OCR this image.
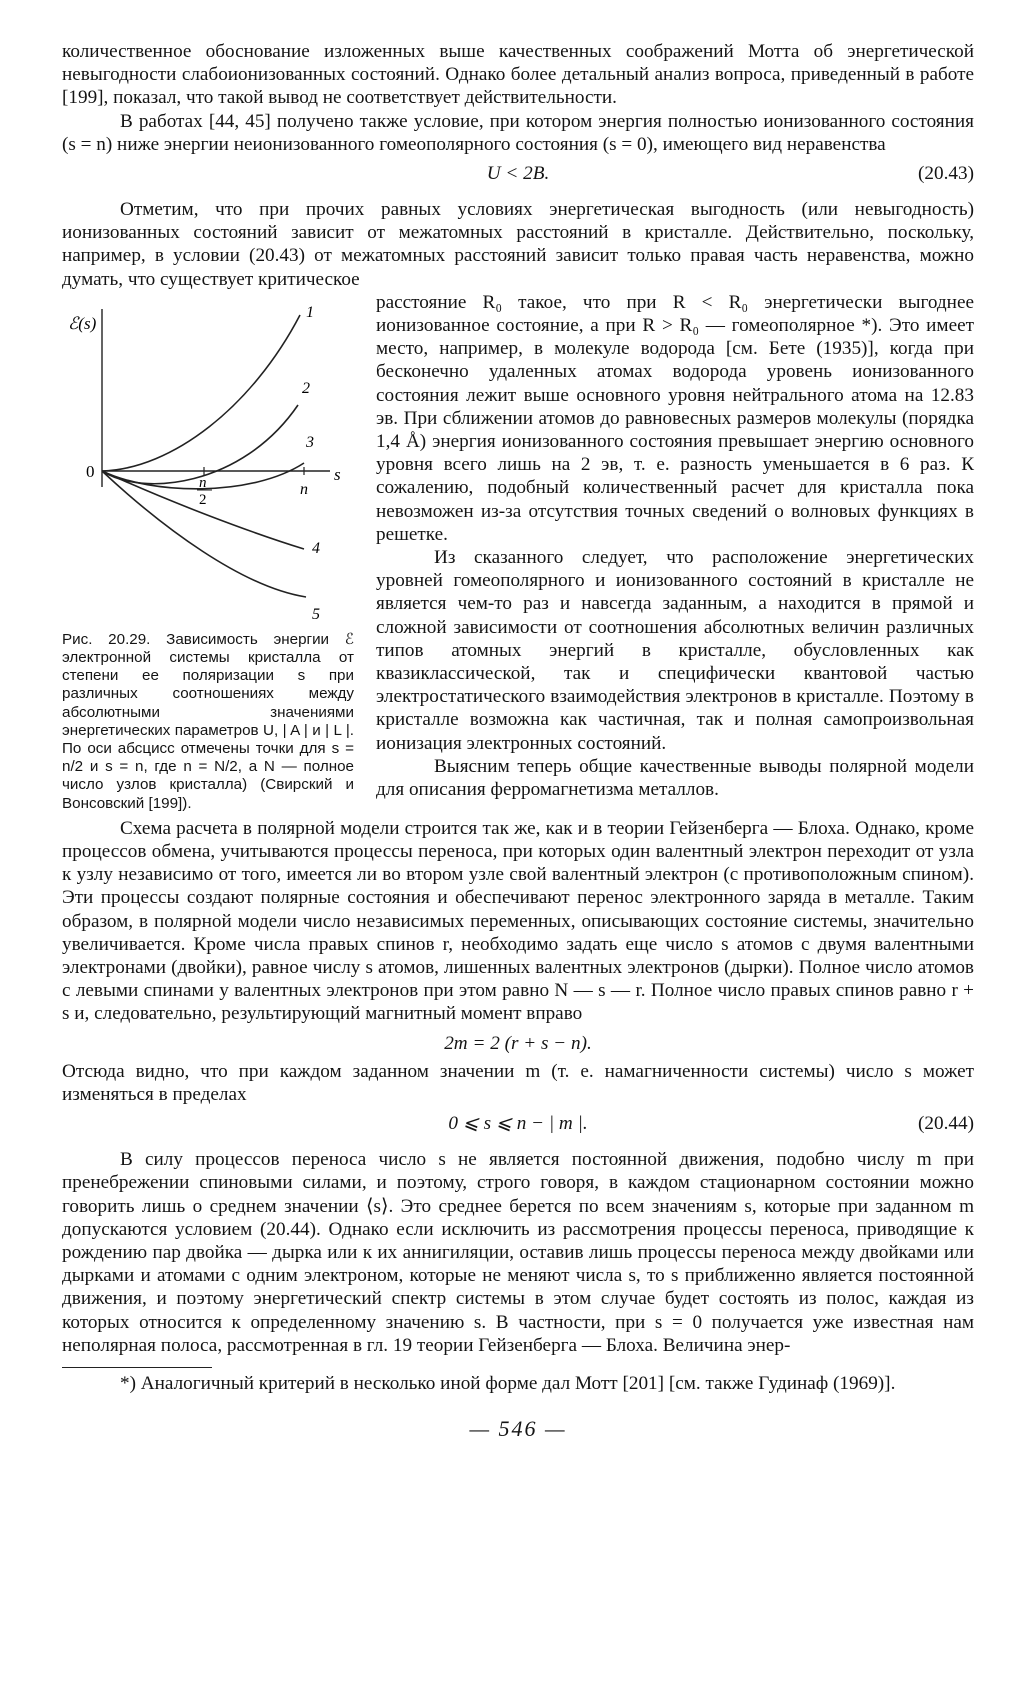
количественное обоснование изложенных выше качественных соображений Мотта об энергетической невыгодности слабоионизованных состояний. Однако более детальный анализ вопроса, приведенный в работе [199], показал, что такой вывод не соответствует действительности.

В работах [44, 45] получено также условие, при котором энергия полностью ионизованного состояния (s = n) ниже энергии неионизованного гомеополярного состояния (s = 0), имеющего вид неравенства

U < 2B.	(20.43)

Отметим, что при прочих равных условиях энергетическая выгодность (или невыгодность) ионизованных состояний зависит от межатомных расстояний в кристалле. Действительно, поскольку, например, в условии (20.43) от межатомных расстояний зависит только правая часть неравенства, можно думать, что существует критическое

ℰ(s)
0	s
n
2
n
1
2
3
4
5

Рис. 20.29. Зависимость энергии ℰ электронной системы кристалла от степени ее поляризации s при различных соотношениях между абсолютными значениями энергетических параметров U, | A | и | L |. По оси абсцисс отмечены точки для s = n/2 и s = n, где n = N/2, а N — полное число узлов кристалла) (Свирский и Вонсовский [199]).

расстояние R₀ такое, что при R < R₀ энергетически выгоднее ионизованное состояние, а при R > R₀ — гомеополярное *). Это имеет место, например, в молекуле водорода [см. Бете (1935)], когда при бесконечно удаленных атомах водорода уровень ионизованного состояния лежит выше основного уровня нейтрального атома на 12.83 эв. При сближении атомов до равновесных размеров молекулы (порядка 1,4 Å) энергия ионизованного состояния превышает энергию основного уровня всего лишь на 2 эв, т. е. разность уменьшается в 6 раз. К сожалению, подобный количественный расчет для кристалла пока невозможен из-за отсутствия точных сведений о волновых функциях в решетке.

Из сказанного следует, что расположение энергетических уровней гомеополярного и ионизованного состояний в кристалле не является чем-то раз и навсегда заданным, а находится в прямой и сложной зависимости от соотношения абсолютных величин различных типов атомных энергий в кристалле, обусловленных как квазиклассической, так и специфически квантовой частью электростатического взаимодействия электронов в кристалле. Поэтому в кристалле возможна как частичная, так и полная самопроизвольная ионизация электронных состояний.

Выясним теперь общие качественные выводы полярной модели для описания ферромагнетизма металлов.

Схема расчета в полярной модели строится так же, как и в теории Гейзенберга — Блоха. Однако, кроме процессов обмена, учитываются процессы переноса, при которых один валентный электрон переходит от узла к узлу независимо от того, имеется ли во втором узле свой валентный электрон (с противоположным спином). Эти процессы создают полярные состояния и обеспечивают перенос электронного заряда в металле. Таким образом, в полярной модели число независимых переменных, описывающих состояние системы, значительно увеличивается. Кроме числа правых спинов r, необходимо задать еще число s атомов с двумя валентными электронами (двойки), равное числу s атомов, лишенных валентных электронов (дырки). Полное число атомов с левыми спинами у валентных электронов при этом равно N — s — r. Полное число правых спинов равно r + s и, следовательно, результирующий магнитный момент вправо

2m = 2 (r + s − n).

Отсюда видно, что при каждом заданном значении m (т. е. намагниченности системы) число s может изменяться в пределах

0 ⩽ s ⩽ n − | m |.	(20.44)

В силу процессов переноса число s не является постоянной движения, подобно числу m при пренебрежении спиновыми силами, и поэтому, строго говоря, в каждом стационарном состоянии можно говорить лишь о среднем значении ⟨s⟩. Это среднее берется по всем значениям s, которые при заданном m допускаются условием (20.44). Однако если исключить из рассмотрения процессы переноса, приводящие к рождению пар двойка — дырка или к их аннигиляции, оставив лишь процессы переноса между двойками или дырками и атомами с одним электроном, которые не меняют числа s, то s приближенно является постоянной движения, и поэтому энергетический спектр системы в этом случае будет состоять из полос, каждая из которых относится к определенному значению s. В частности, при s = 0 получается уже известная нам неполярная полоса, рассмотренная в гл. 19 теории Гейзенберга — Блоха. Величина энер-

*) Аналогичный критерий в несколько иной форме дал Мотт [201] [см. также Гудинаф (1969)].

— 546 —
